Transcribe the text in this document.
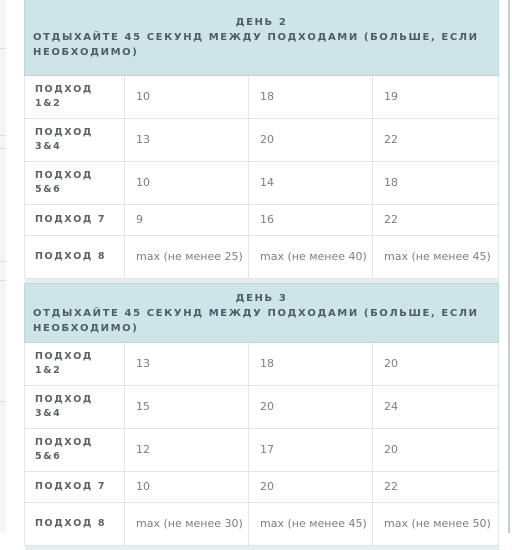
ДЕНЬ 2
ОТДЫХАЙТЕ 45 СЕКУНД МЕЖДУ ПОДХОДАМИ (БОЛЬШЕ, ЕСЛИ НЕОБХОДИМО)			

ПОДХОД 1&2	10	18	19
ПОДХОД 3&4	13	20	22
ПОДХОД 5&6	10	14	18
ПОДХОД 7	9	16	22
ПОДХОД 8	max (не менее 25)	max (не менее 40)	max (не менее 45)

ДЕНЬ 3
ОТДЫХАЙТЕ 45 СЕКУНД МЕЖДУ ПОДХОДАМИ (БОЛЬШЕ, ЕСЛИ НЕОБХОДИМО)			

ПОДХОД 1&2	13	18	20
ПОДХОД 3&4	15	20	24
ПОДХОД 5&6	12	17	20
ПОДХОД 7	10	20	22
ПОДХОД 8	max (не менее 30)	max (не менее 45)	max (не менее 50)
